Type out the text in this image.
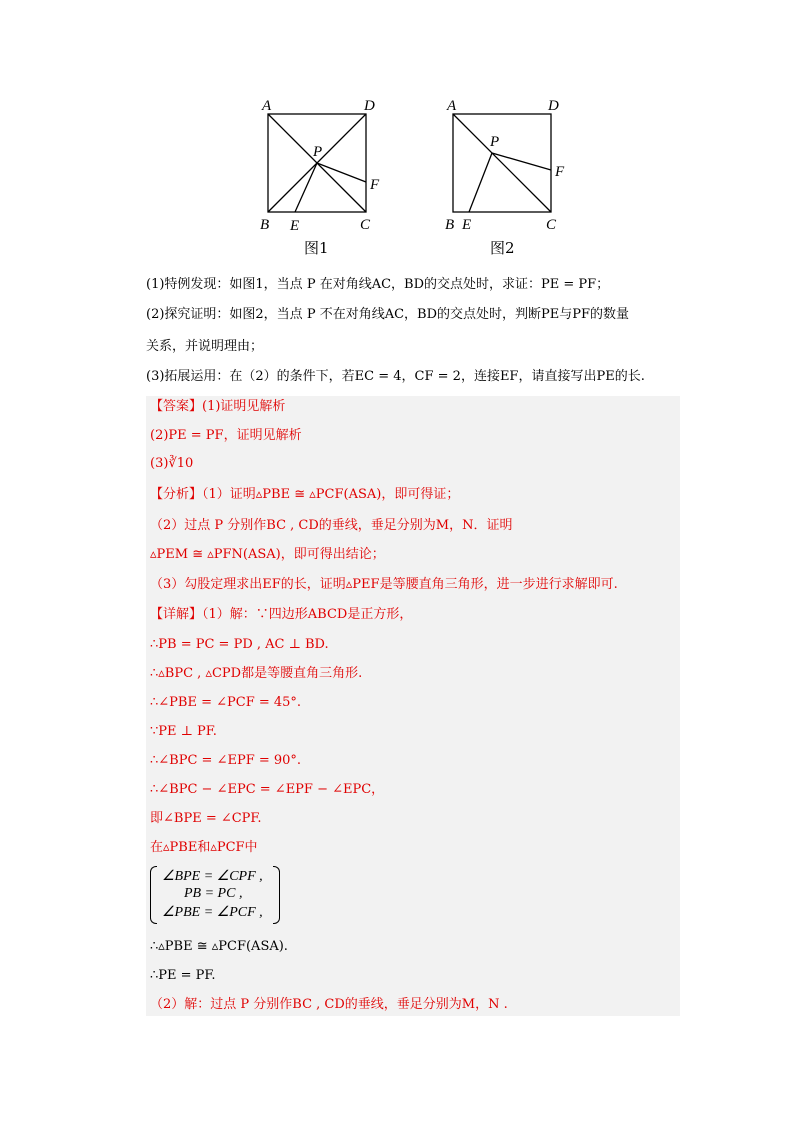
A	D
B	C
P
E
F
图1
A	D
B	C
P
E
F
图2
(1)特例发现：如图1，当点 P 在对角线AC，BD的交点处时，求证：PE = PF；
(2)探究证明：如图2，当点 P 不在对角线AC，BD的交点处时，判断PE与PF的数量
关系，并说明理由；
(3)拓展运用：在（2）的条件下，若EC = 4，CF = 2，连接EF，请直接写出PE的长.
【答案】(1)证明见解析
(2)PE = PF，证明见解析
(3)∛10
【分析】（1）证明▵PBE ≅ ▵PCF(ASA)，即可得证；
（2）过点 P 分别作BC , CD的垂线，垂足分别为M，N．证明
▵PEM ≅ ▵PFN(ASA)，即可得出结论；
（3）勾股定理求出EF的长，证明▵PEF是等腰直角三角形，进一步进行求解即可.
【详解】（1）解：∵四边形ABCD是正方形，
∴PB = PC = PD , AC ⊥ BD.
∴▵BPC , ▵CPD都是等腰直角三角形.
∴∠PBE = ∠PCF = 45°.
∵PE ⊥ PF.
∴∠BPC = ∠EPF = 90°.
∴∠BPC − ∠EPC = ∠EPF − ∠EPC，
即∠BPE = ∠CPF.
在▵PBE和▵PCF中
∠BPE = ∠CPF ,
PB = PC ,
∠PBE = ∠PCF ,
∴▵PBE ≅ ▵PCF(ASA).
∴PE = PF.
（2）解：过点 P 分别作BC , CD的垂线，垂足分别为M，N .
